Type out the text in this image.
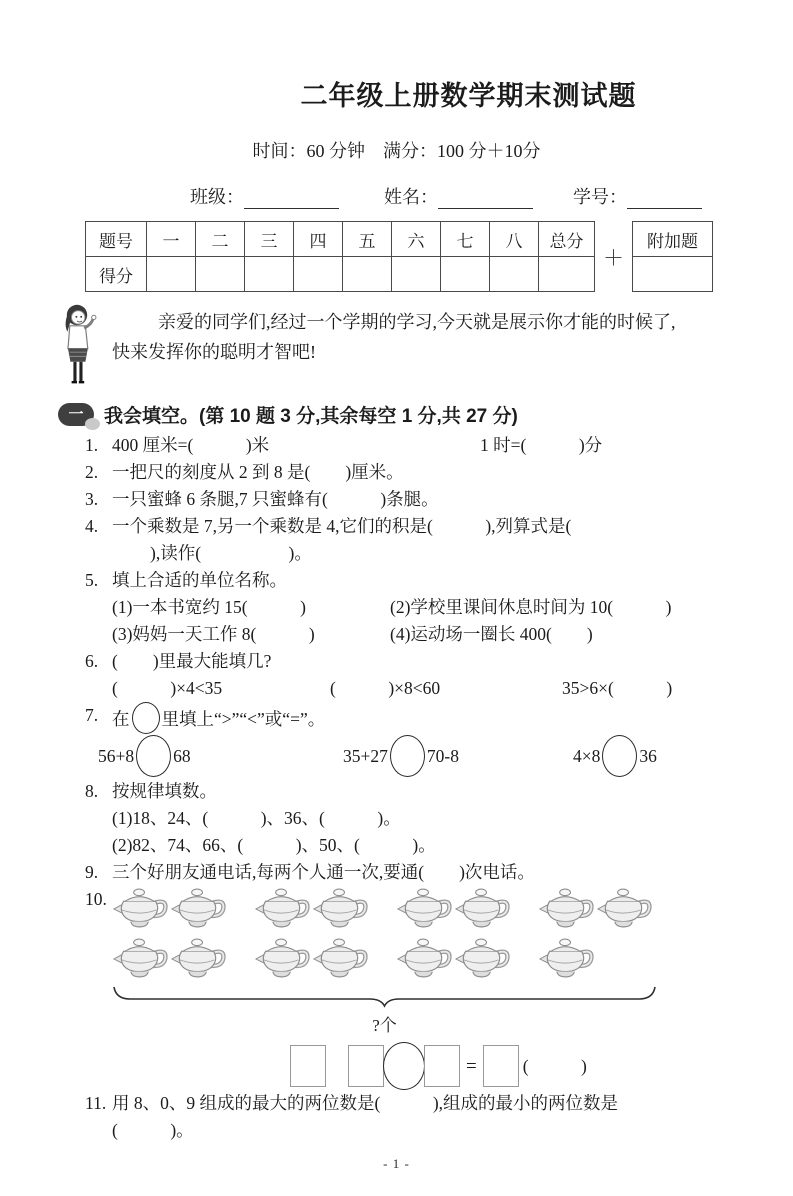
二年级上册数学期末测试题
时间：60 分钟　满分：100 分＋10分
班级：	姓名：	学号：
题号	一	二	三	四	五	六	七	八	总分
得分									
＋
附加题

亲爱的同学们,经过一个学期的学习,今天就是展示你才能的时候了,

快来发挥你的聪明才智吧!

一	我会填空。(第 10 题 3 分,其余每空 1 分,共 27 分)
1. 400 厘米=(　　　)米	1 时=(　　　)分
2. 一把尺的刻度从 2 到 8 是(　　)厘米。
3. 一只蜜蜂 6 条腿,7 只蜜蜂有(　　　)条腿。
4. 一个乘数是 7,另一个乘数是 4,它们的积是(　　　),列算式是(
),读作(　　　　　)。
5. 填上合适的单位名称。
(1)一本书宽约 15(　　　)	(2)学校里课间休息时间为 10(　　　)
(3)妈妈一天工作 8(　　　)	(4)运动场一圈长 400(　　)
6. (　　)里最大能填几?
(　　　)×4<35	(　　　)×8<60	35>6×(　　　)
7. 在 里填上“>”“<”或“=”。
56+8 68	35+27 70-8	4×8 36
8. 按规律填数。
(1)18、24、(　　　)、36、(　　　)。
(2)82、74、66、(　　　)、50、(　　　)。
9. 三个好朋友通电话,每两个人通一次,要通(　　)次电话。
10.
?个
=	(　　　)
11. 用 8、0、9 组成的最大的两位数是(　　　),组成的最小的两位数是
(　　　)。
- 1 -
